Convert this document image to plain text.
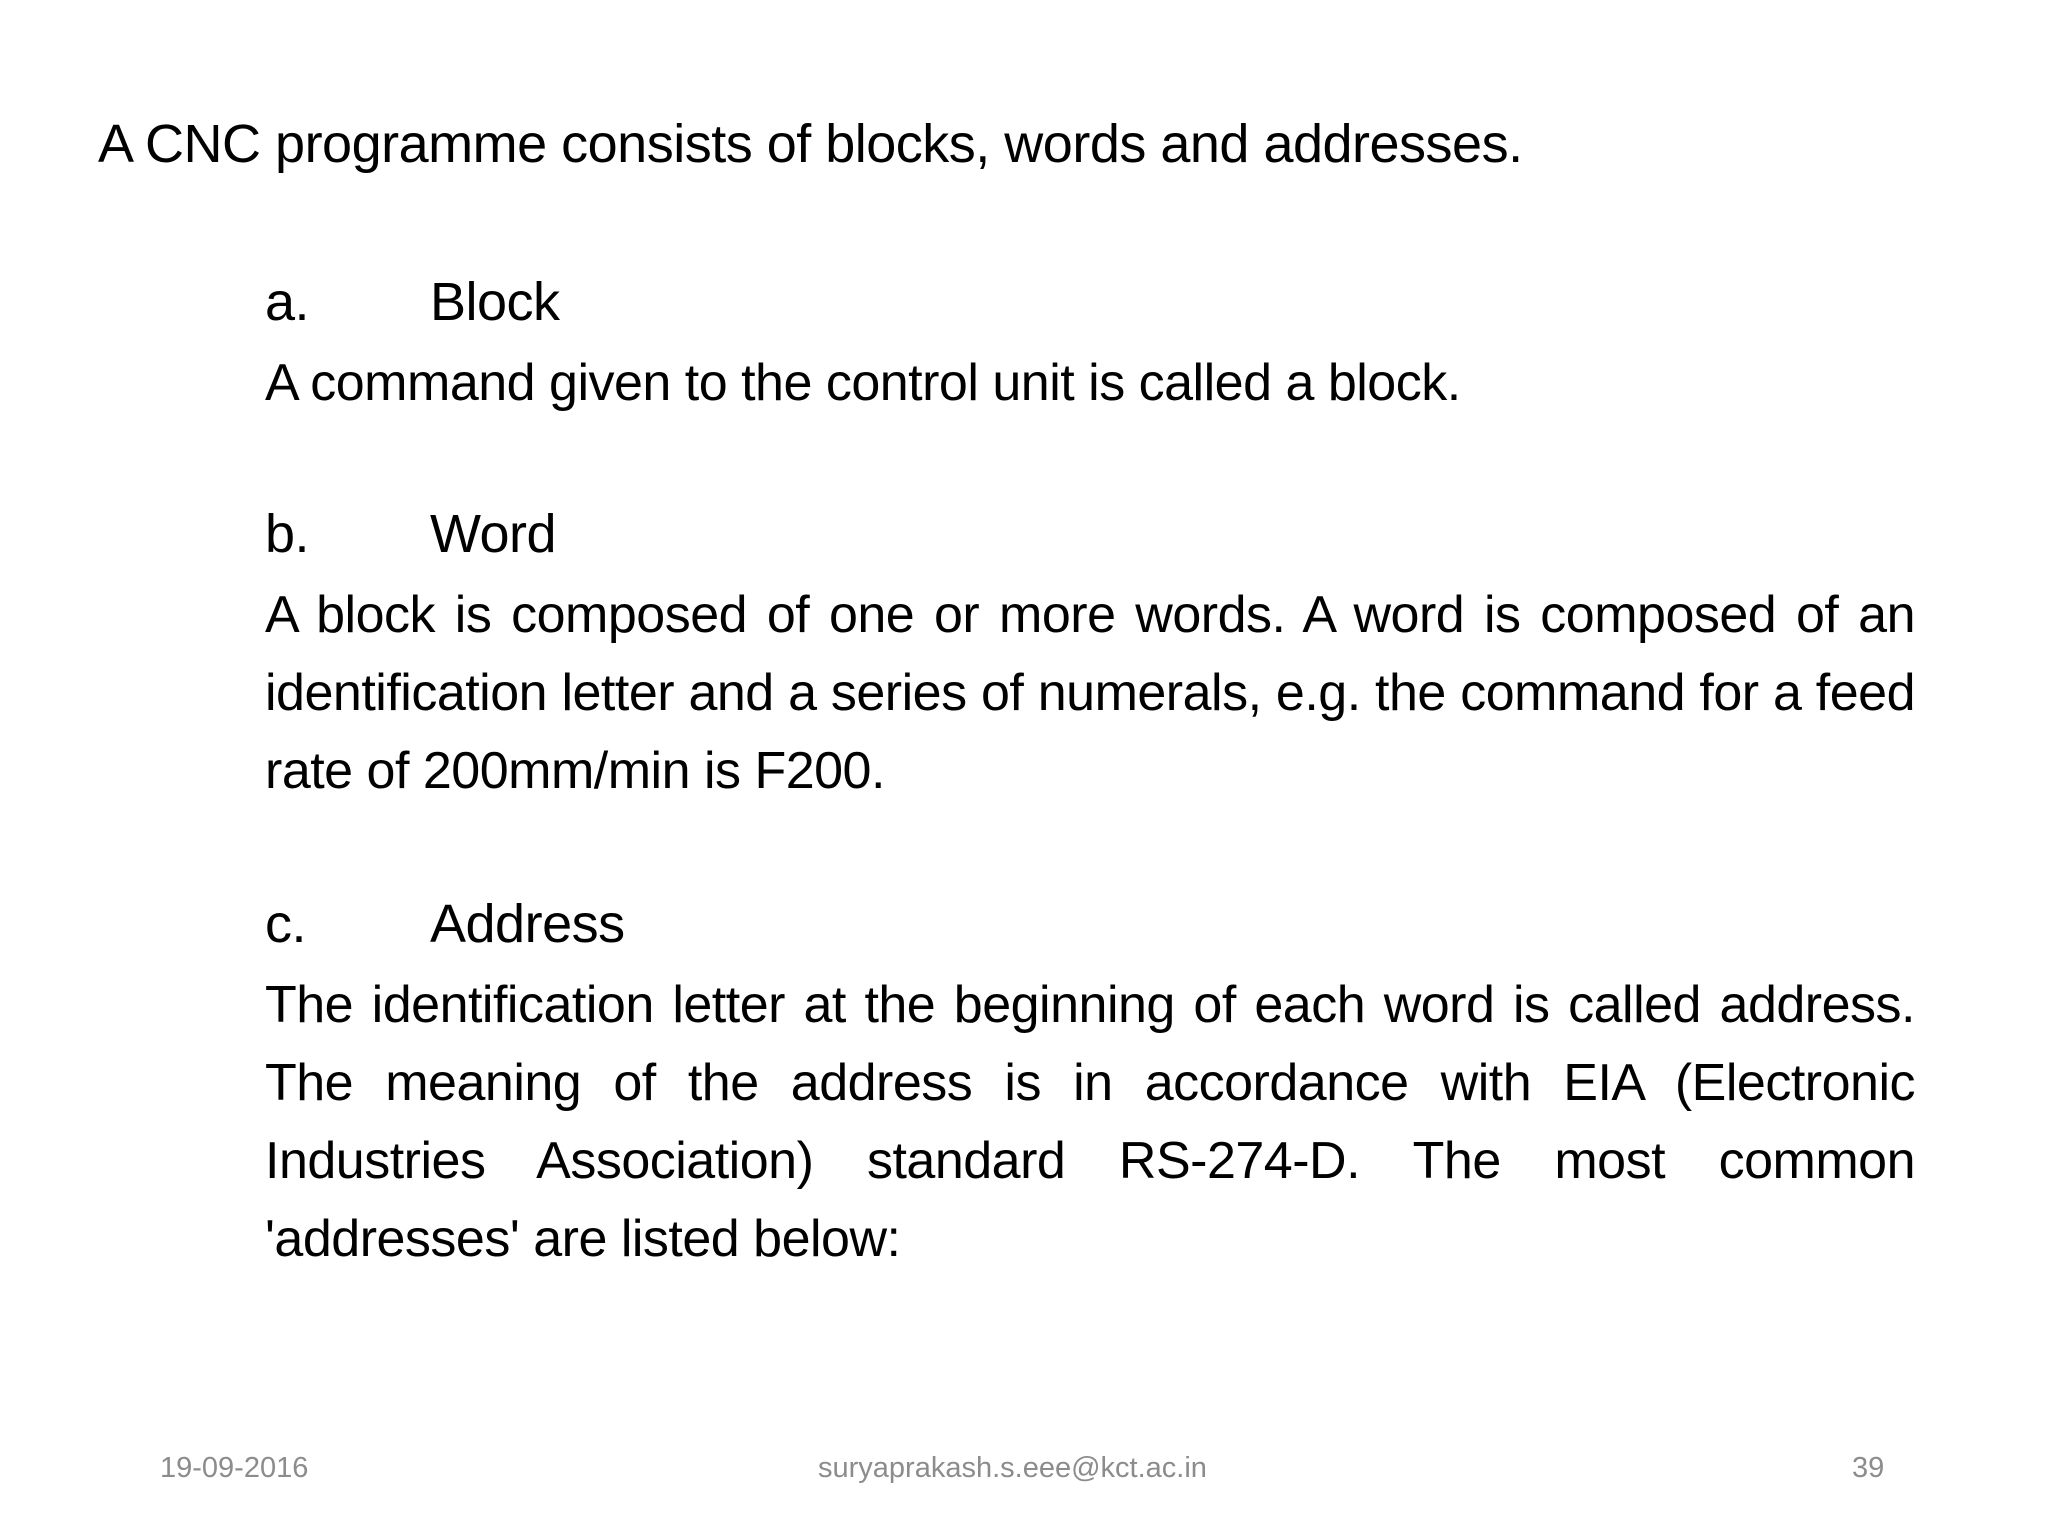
A CNC programme consists of blocks, words and addresses.
a. Block
A command given to the control unit is called a block.
b. Word
A block is composed of one or more words. A word is composed of an identification letter and a series of numerals, e.g. the command for a feed rate of 200mm/min is F200.
c. Address
The identification letter at the beginning of each word is called address. The meaning of the address is in accordance with EIA (Electronic Industries Association) standard RS-274-D. The most common 'addresses' are listed below:
19-09-2016	suryaprakash.s.eee@kct.ac.in	39
